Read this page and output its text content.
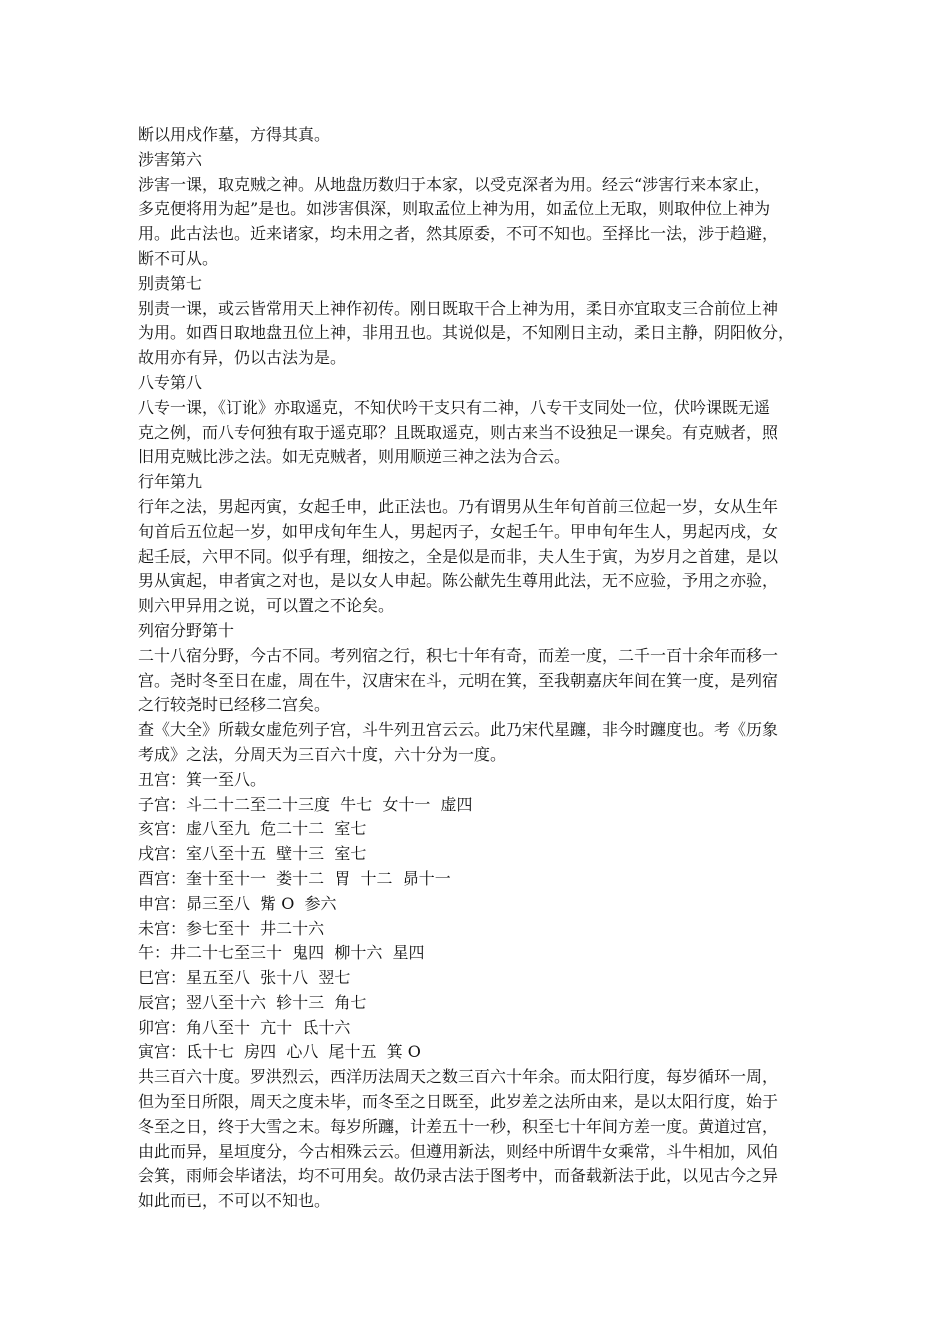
断以用戍作墓，方得其真。
涉害第六
涉害一课，取克贼之神。从地盘历数归于本家，以受克深者为用。经云“涉害行来本家止，
多克便将用为起”是也。如涉害俱深，则取孟位上神为用，如孟位上无取，则取仲位上神为
用。此古法也。近来诸家，均未用之者，然其原委，不可不知也。至择比一法，涉于趋避，
断不可从。
别责第七
别责一课，或云皆常用天上神作初传。刚日既取干合上神为用，柔日亦宜取支三合前位上神
为用。如酉日取地盘丑位上神，非用丑也。其说似是，不知刚日主动，柔日主静，阴阳攸分，
故用亦有异，仍以古法为是。
八专第八
八专一课，《订讹》亦取遥克，不知伏吟干支只有二神，八专干支同处一位，伏吟课既无遥
克之例，而八专何独有取于遥克耶？且既取遥克，则古来当不设独足一课矣。有克贼者，照
旧用克贼比涉之法。如无克贼者，则用顺逆三神之法为合云。
行年第九
行年之法，男起丙寅，女起壬申，此正法也。乃有谓男从生年旬首前三位起一岁，女从生年
旬首后五位起一岁，如甲戌旬年生人，男起丙子，女起壬午。甲申旬年生人，男起丙戌，女
起壬辰，六甲不同。似乎有理，细按之，全是似是而非，夫人生于寅，为岁月之首建，是以
男从寅起，申者寅之对也，是以女人申起。陈公献先生尊用此法，无不应验，予用之亦验，
则六甲异用之说，可以置之不论矣。
列宿分野第十
二十八宿分野，今古不同。考列宿之行，积七十年有奇，而差一度，二千一百十余年而移一
宫。尧时冬至日在虚，周在牛，汉唐宋在斗，元明在箕，至我朝嘉庆年间在箕一度，是列宿
之行较尧时已经移二宫矣。
查《大全》所载女虚危列子宫，斗牛列丑宫云云。此乃宋代星躔，非今时躔度也。考《历象
考成》之法，分周天为三百六十度，六十分为一度。
丑宫：箕一至八。
子宫：斗二十二至二十三度  牛七  女十一  虚四
亥宫：虚八至九  危二十二  室七
戌宫：室八至十五  壁十三  室七
酉宫：奎十至十一  娄十二  胃  十二  昴十一
申宫：昴三至八  觜 O  参六
未宫：参七至十  井二十六
午：井二十七至三十  鬼四  柳十六  星四
巳宫：星五至八  张十八  翌七
辰宫；翌八至十六  轸十三  角七
卯宫：角八至十  亢十  氐十六
寅宫：氐十七  房四  心八  尾十五  箕 O
共三百六十度。罗洪烈云，西洋历法周天之数三百六十年余。而太阳行度，每岁循环一周，
但为至日所限，周天之度未毕，而冬至之日既至，此岁差之法所由来，是以太阳行度，始于
冬至之日，终于大雪之末。每岁所躔，计差五十一秒，积至七十年间方差一度。黄道过宫，
由此而异，星垣度分，今古相殊云云。但遵用新法，则经中所谓牛女乘常，斗牛相加，风伯
会箕，雨师会毕诸法，均不可用矣。故仍录古法于图考中，而备载新法于此，以见古今之异
如此而已，不可以不知也。
